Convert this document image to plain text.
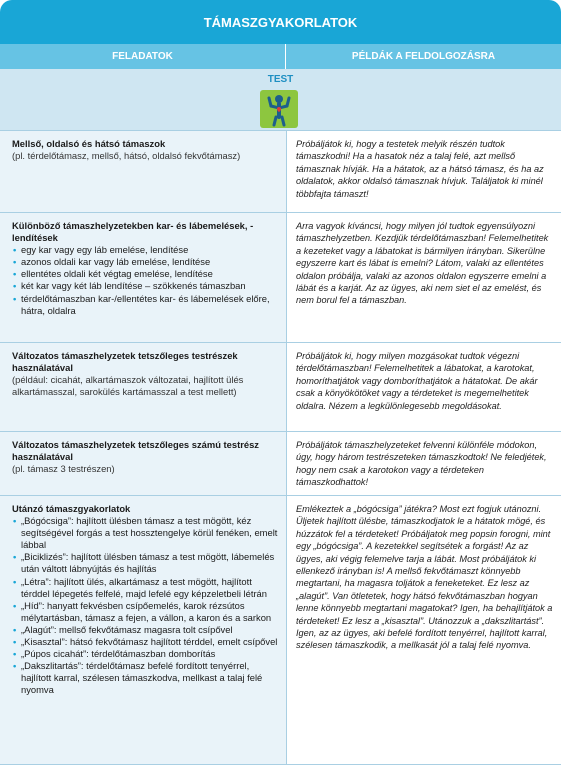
TÁMASZGYAKORLATOK
FELADATOK	PÉLDÁK A FELDOLGOZÁSRA
TEST
Mellső, oldalsó és hátsó támaszok
(pl. térdelőtámasz, mellső, hátsó, oldalsó fekvőtámasz)
Próbáljátok ki, hogy a testetek melyik részén tudtok támaszkodni! Ha a hasatok néz a talaj felé, azt mellső támasznak hívják. Ha a hátatok, az a hátsó támasz, és ha az oldalatok, akkor oldalsó támasznak hívjuk. Találjatok ki minél többfajta támaszt!
Különböző támaszhelyzetekben kar- és lábemelések, -lendítések
• egy kar vagy egy láb emelése, lendítése
• azonos oldali kar vagy láb emelése, lendítése
• ellentétes oldali két végtag emelése, lendítése
• két kar vagy két láb lendítése – szökkenés támaszban
• térdelőtámaszban kar-/ellentétes kar- és lábemelések előre, hátra, oldalra
Arra vagyok kíváncsi, hogy milyen jól tudtok egyensúlyozni támaszhelyzetben. Kezdjük térdelőtámaszban! Felemelhetitek a kezeteket vagy a lábatokat is bármilyen irányban. Sikerülne egyszerre kart és lábat is emelni? Látom, valaki az ellentétes oldalon próbálja, valaki az azonos oldalon egyszerre emelni a lábát és a karját. Az az ügyes, aki nem siet el az emelést, és nem borul fel a támaszban.
Változatos támaszhelyzetek tetszőleges testrészek használatával
(például: cicahát, alkartámaszok változatai, hajlított ülés alkartámasszal, sarokülés kartámasszal a test mellett)
Próbáljátok ki, hogy milyen mozgásokat tudtok végezni térdelőtámaszban! Felemelhetitek a lábatokat, a karotokat, homoríthatjátok vagy domboríthatjátok a hátatokat. De akár csak a könyökötöket vagy a térdeteket is megemelhetitek oldalra. Nézem a legkülönlegesebb megoldásokat.
Változatos támaszhelyzetek tetszőleges számú testrész használatával
(pl. támasz 3 testrészen)
Próbáljátok támaszhelyzeteket felvenni különféle módokon, úgy, hogy három testrészeteken támaszkodtok! Ne feledjétek, hogy nem csak a karotokon vagy a térdeteken támaszkodhattok!
Utánzó támaszgyakorlatok
• „Bógócsiga”: hajlított ülésben támasz a test mögött, kéz segítségével forgás a test hossztengelye körül fenéken, emelt lábbal
• „Biciklizés”: hajlított ülésben támasz a test mögött, lábemelés után váltott lábnyújtás és hajlítás
• „Létra”: hajlított ülés, alkartámasz a test mögött, hajlított térddel lépegetés felfelé, majd lefelé egy képzeletbeli létrán
• „Híd”: hanyatt fekvésben csípőemelés, karok rézsútos mélytartásban, támasz a fejen, a vállon, a karon és a sarkon
• „Alagút”: mellső fekvőtámasz magasra tolt csípővel
• „Kisasztal”: hátsó fekvőtámasz hajlított térddel, emelt csípővel
• „Púpos cicahát”: térdelőtámaszban domborítás
• „Dakszlitartás”: térdelőtámasz befelé fordított tenyérrel, hajlított karral, szélesen támaszkodva, mellkast a talaj felé nyomva
Emlékeztek a „bógócsiga” játékra? Most ezt fogjuk utánozni. Üljetek hajlított ülésbe, támaszkodjatok le a hátatok mögé, és húzzátok fel a térdeteket! Próbáljatok meg popsin forogni, mint egy „bógócsiga”. A kezetekkel segítsétek a forgást! Az az ügyes, aki végig felemelve tarja a lábát. Most próbáljátok ki ellenkező irányban is! A mellső fekvőtámaszt könnyebb megtartani, ha magasra toljátok a feneketeket. Ez lesz az „alagút”. Van ötletetek, hogy hátsó fekvőtámaszban hogyan lenne könnyebb megtartani magatokat? Igen, ha behajlítjátok a térdeteket! Ez lesz a „kisasztal”. Utánozzuk a „dakszlitartást”. Igen, az az ügyes, aki befelé fordított tenyérrel, hajlított karral, szélesen támaszkodik, a mellkasát jól a talaj felé nyomva.
